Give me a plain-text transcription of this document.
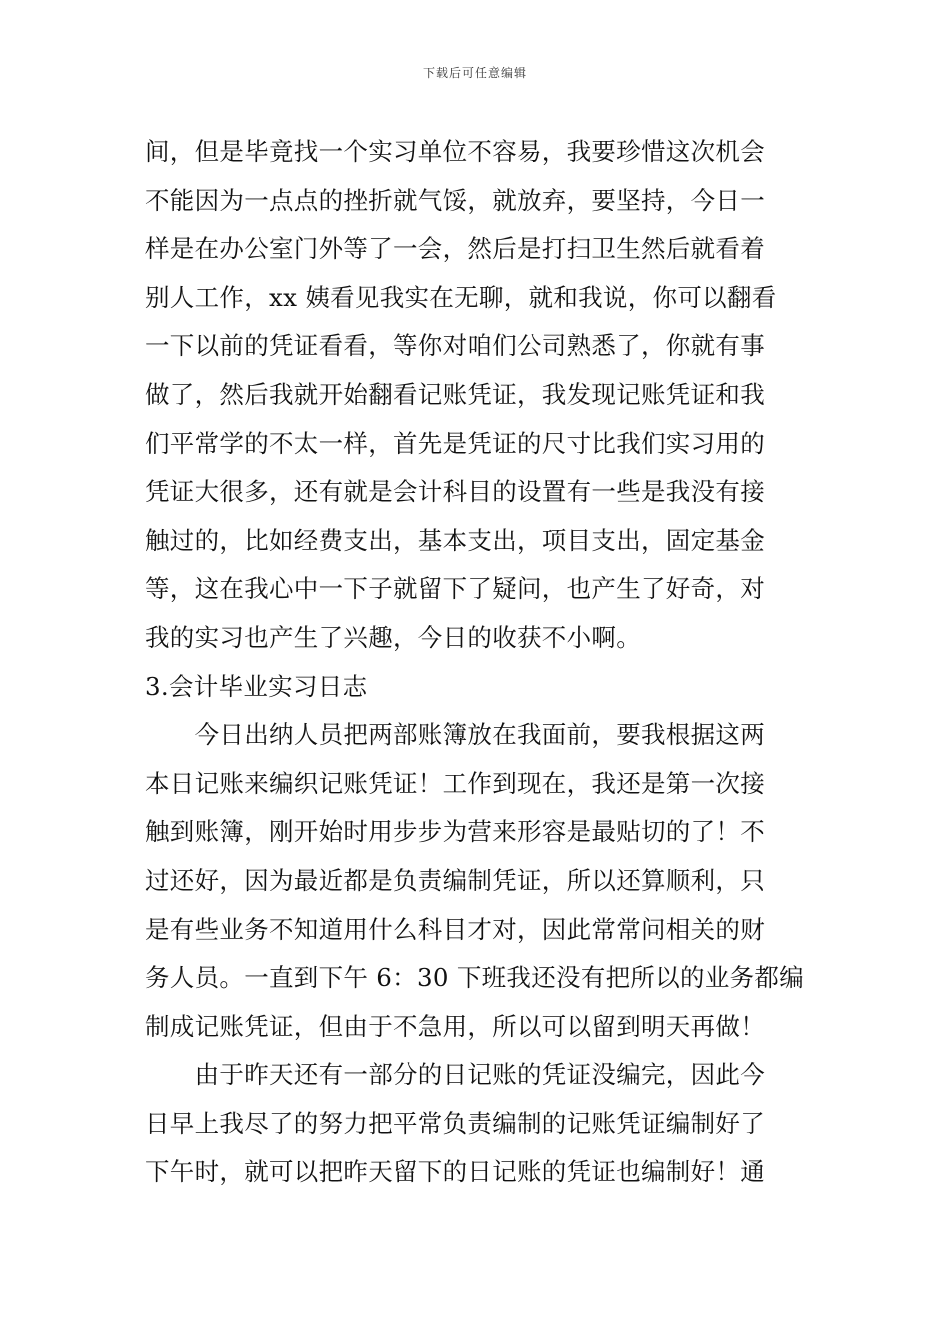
下载后可任意编辑
间，但是毕竟找一个实习单位不容易，我要珍惜这次机会
不能因为一点点的挫折就气馁，就放弃，要坚持，今日一
样是在办公室门外等了一会，然后是打扫卫生然后就看着
别人工作，xx 姨看见我实在无聊，就和我说，你可以翻看
一下以前的凭证看看，等你对咱们公司熟悉了，你就有事
做了，然后我就开始翻看记账凭证，我发现记账凭证和我
们平常学的不太一样，首先是凭证的尺寸比我们实习用的
凭证大很多，还有就是会计科目的设置有一些是我没有接
触过的，比如经费支出，基本支出，项目支出，固定基金
等，这在我心中一下子就留下了疑问，也产生了好奇，对
我的实习也产生了兴趣，今日的收获不小啊。
3.会计毕业实习日志
　　今日出纳人员把两部账簿放在我面前，要我根据这两
本日记账来编织记账凭证！工作到现在，我还是第一次接
触到账簿，刚开始时用步步为营来形容是最贴切的了！不
过还好，因为最近都是负责编制凭证，所以还算顺利，只
是有些业务不知道用什么科目才对，因此常常问相关的财
务人员。一直到下午 6：30 下班我还没有把所以的业务都编
制成记账凭证，但由于不急用，所以可以留到明天再做！
　　由于昨天还有一部分的日记账的凭证没编完，因此今
日早上我尽了的努力把平常负责编制的记账凭证编制好了
下午时，就可以把昨天留下的日记账的凭证也编制好！通
